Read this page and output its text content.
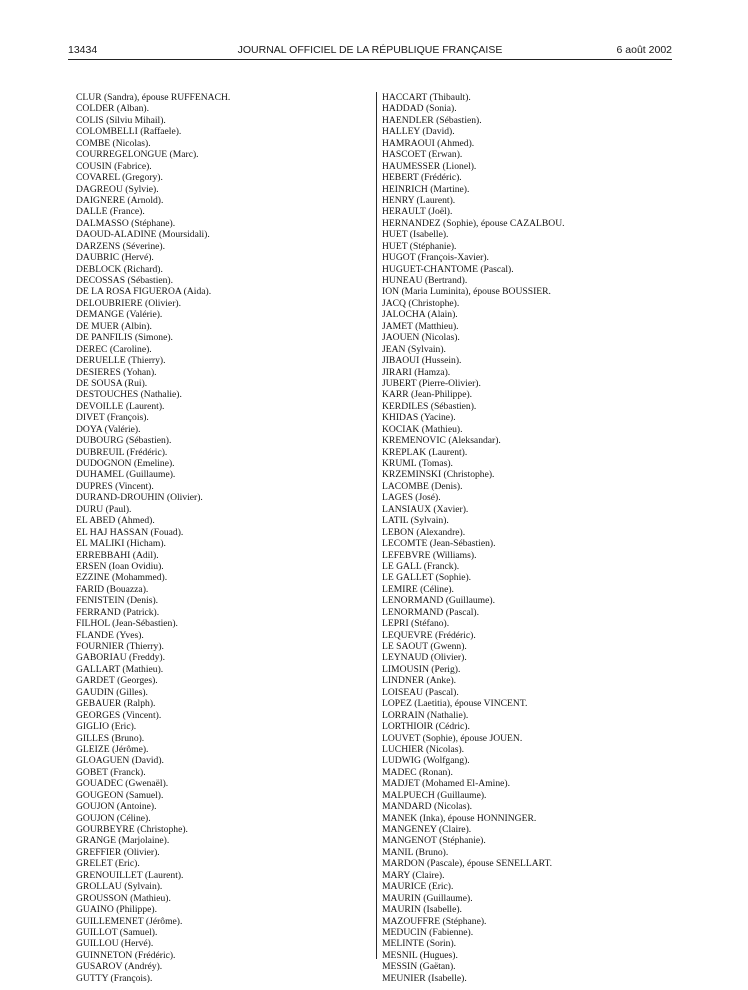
13434	JOURNAL OFFICIEL DE LA RÉPUBLIQUE FRANÇAISE	6 août 2002
CLUR (Sandra), épouse RUFFENACH.
COLDER (Alban).
COLIS (Silviu Mihail).
COLOMBELLI (Raffaele).
COMBE (Nicolas).
COURREGELONGUE (Marc).
COUSIN (Fabrice).
COVAREL (Gregory).
DAGREOU (Sylvie).
DAIGNERE (Arnold).
DALLE (France).
DALMASSO (Stéphane).
DAOUD-ALADINE (Moursidali).
DARZENS (Séverine).
DAUBRIC (Hervé).
DEBLOCK (Richard).
DECOSSAS (Sébastien).
DE LA ROSA FIGUEROA (Aida).
DELOUBRIERE (Olivier).
DEMANGE (Valérie).
DE MUER (Albin).
DE PANFILIS (Simone).
DEREC (Caroline).
DERUELLE (Thierry).
DESIERES (Yohan).
DE SOUSA (Rui).
DESTOUCHES (Nathalie).
DEVOILLE (Laurent).
DIVET (François).
DOYA (Valérie).
DUBOURG (Sébastien).
DUBREUIL (Frédéric).
DUDOGNON (Emeline).
DUHAMEL (Guillaume).
DUPRES (Vincent).
DURAND-DROUHIN (Olivier).
DURU (Paul).
EL ABED (Ahmed).
EL HAJ HASSAN (Fouad).
EL MALIKI (Hicham).
ERREBBAHI (Adil).
ERSEN (Ioan Ovidiu).
EZZINE (Mohammed).
FARID (Bouazza).
FENISTEIN (Denis).
FERRAND (Patrick).
FILHOL (Jean-Sébastien).
FLANDE (Yves).
FOURNIER (Thierry).
GABORIAU (Freddy).
GALLART (Mathieu).
GARDET (Georges).
GAUDIN (Gilles).
GEBAUER (Ralph).
GEORGES (Vincent).
GIGLIO (Eric).
GILLES (Bruno).
GLEIZE (Jérôme).
GLOAGUEN (David).
GOBET (Franck).
GOUADEC (Gwenaël).
GOUGEON (Samuel).
GOUJON (Antoine).
GOUJON (Céline).
GOURBEYRE (Christophe).
GRANGE (Marjolaine).
GREFFIER (Olivier).
GRELET (Eric).
GRENOUILLET (Laurent).
GROLLAU (Sylvain).
GROUSSON (Mathieu).
GUAINO (Philippe).
GUILLEMENET (Jérôme).
GUILLOT (Samuel).
GUILLOU (Hervé).
GUINNETON (Frédéric).
GUSAROV (Andréy).
GUTTY (François).
HACCART (Thibault).
HADDAD (Sonia).
HAENDLER (Sébastien).
HALLEY (David).
HAMRAOUI (Ahmed).
HASCOET (Erwan).
HAUMESSER (Lionel).
HEBERT (Frédéric).
HEINRICH (Martine).
HENRY (Laurent).
HERAULT (Joël).
HERNANDEZ (Sophie), épouse CAZALBOU.
HUET (Isabelle).
HUET (Stéphanie).
HUGOT (François-Xavier).
HUGUET-CHANTOME (Pascal).
HUNEAU (Bertrand).
ION (Maria Luminita), épouse BOUSSIER.
JACQ (Christophe).
JALOCHA (Alain).
JAMET (Matthieu).
JAOUEN (Nicolas).
JEAN (Sylvain).
JIBAOUI (Hussein).
JIRARI (Hamza).
JUBERT (Pierre-Olivier).
KARR (Jean-Philippe).
KERDILES (Sébastien).
KHIDAS (Yacine).
KOCIAK (Mathieu).
KREMENOVIC (Aleksandar).
KREPLAK (Laurent).
KRUML (Tomas).
KRZEMINSKI (Christophe).
LACOMBE (Denis).
LAGES (José).
LANSIAUX (Xavier).
LATIL (Sylvain).
LEBON (Alexandre).
LECOMTE (Jean-Sébastien).
LEFEBVRE (Williams).
LE GALL (Franck).
LE GALLET (Sophie).
LEMIRE (Céline).
LENORMAND (Guillaume).
LENORMAND (Pascal).
LEPRI (Stéfano).
LEQUEVRE (Frédéric).
LE SAOUT (Gwenn).
LEYNAUD (Olivier).
LIMOUSIN (Perig).
LINDNER (Anke).
LOISEAU (Pascal).
LOPEZ (Laetitia), épouse VINCENT.
LORRAIN (Nathalie).
LORTHIOIR (Cédric).
LOUVET (Sophie), épouse JOUEN.
LUCHIER (Nicolas).
LUDWIG (Wolfgang).
MADEC (Ronan).
MADJET (Mohamed El-Amine).
MALPUECH (Guillaume).
MANDARD (Nicolas).
MANEK (Inka), épouse HONNINGER.
MANGENEY (Claire).
MANGENOT (Stéphanie).
MANIL (Bruno).
MARDON (Pascale), épouse SENELLART.
MARY (Claire).
MAURICE (Eric).
MAURIN (Guillaume).
MAURIN (Isabelle).
MAZOUFFRE (Stéphane).
MEDUCIN (Fabienne).
MELINTE (Sorin).
MESNIL (Hugues).
MESSIN (Gaëtan).
MEUNIER (Isabelle).
